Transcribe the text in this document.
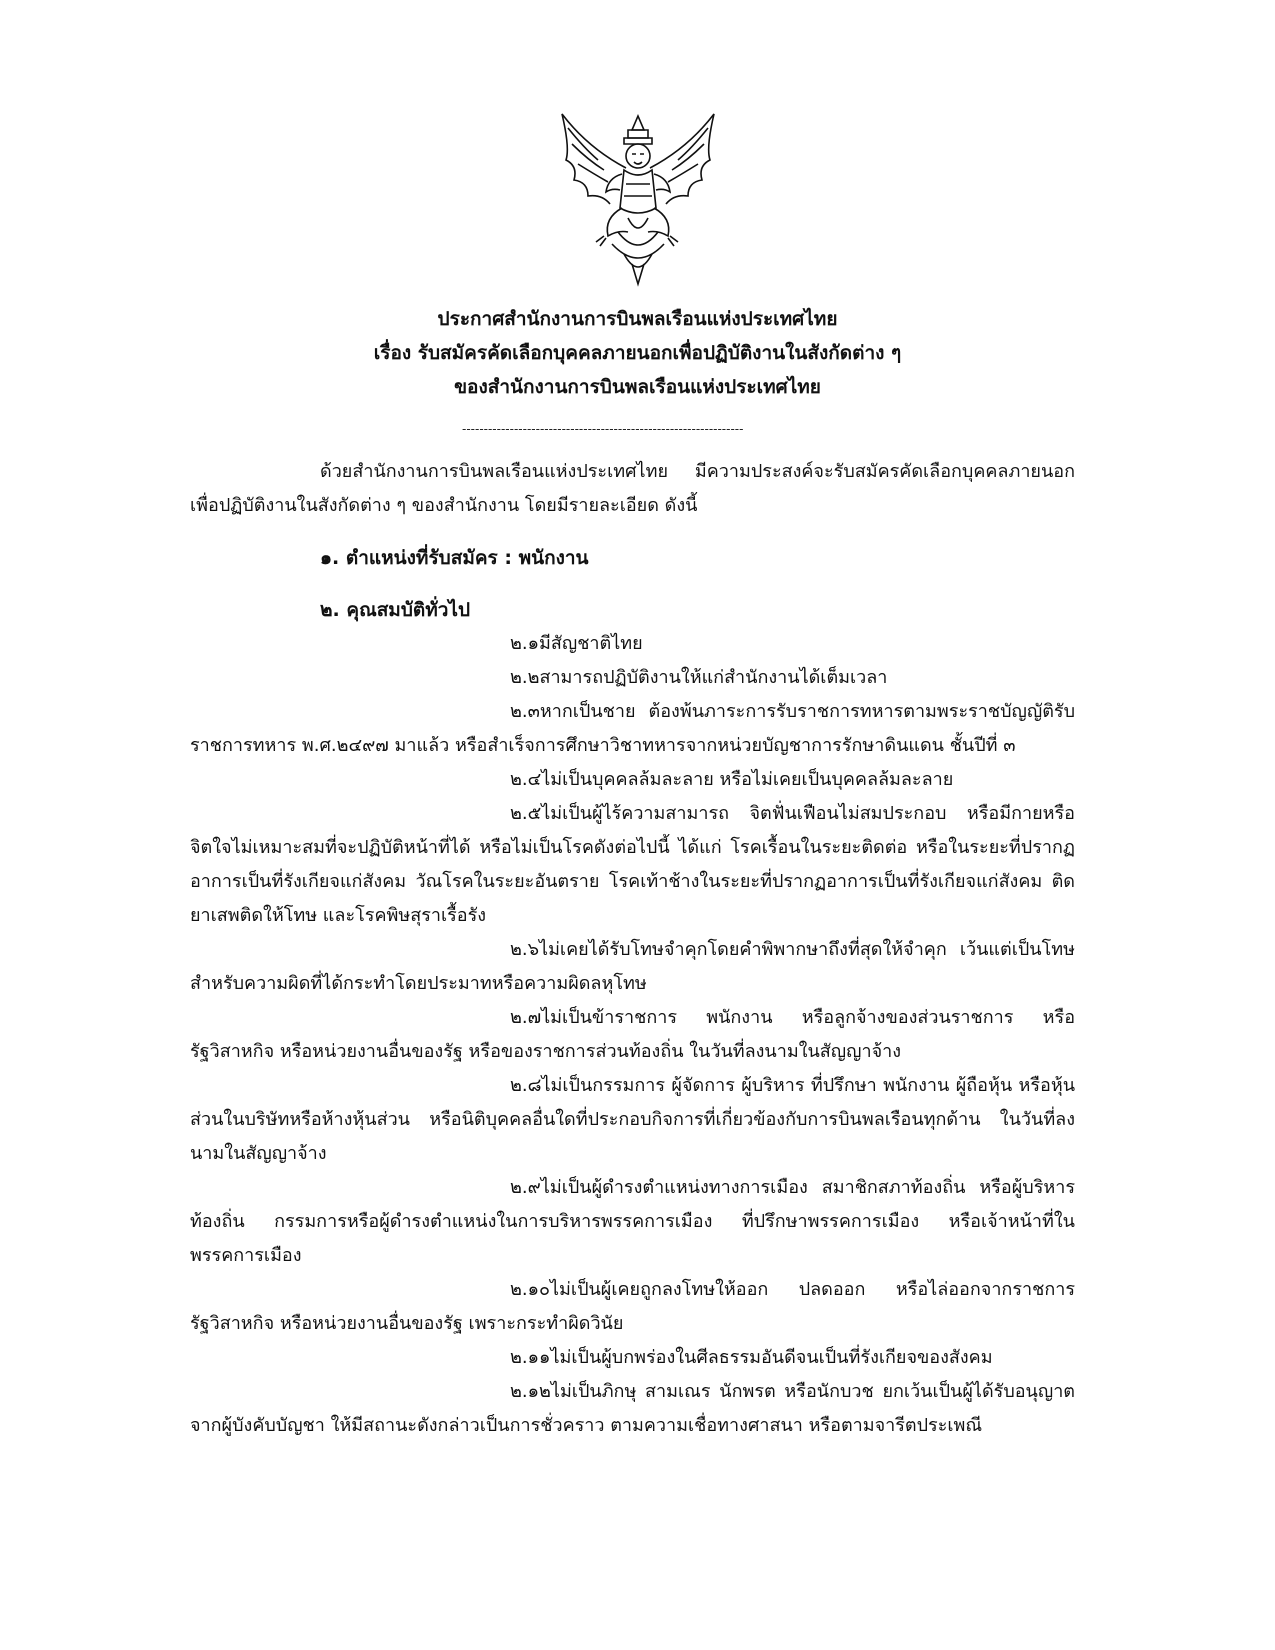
ประกาศสำนักงานการบินพลเรือนแห่งประเทศไทย
เรื่อง รับสมัครคัดเลือกบุคคลภายนอกเพื่อปฏิบัติงานในสังกัดต่าง ๆ
ของสำนักงานการบินพลเรือนแห่งประเทศไทย
-----------------------------------------------------------------

ด้วยสำนักงานการบินพลเรือนแห่งประเทศไทย มีความประสงค์จะรับสมัครคัดเลือกบุคคลภายนอกเพื่อปฏิบัติงานในสังกัดต่าง ๆ ของสำนักงาน โดยมีรายละเอียด ดังนี้

๑. ตำแหน่งที่รับสมัคร : พนักงาน

๒. คุณสมบัติทั่วไป

๒.๑มีสัญชาติไทย

๒.๒สามารถปฏิบัติงานให้แก่สำนักงานได้เต็มเวลา

๒.๓หากเป็นชาย ต้องพ้นภาระการรับราชการทหารตามพระราชบัญญัติรับราชการทหาร พ.ศ.๒๔๙๗ มาแล้ว หรือสำเร็จการศึกษาวิชาทหารจากหน่วยบัญชาการรักษาดินแดน ชั้นปีที่ ๓

๒.๔ไม่เป็นบุคคลล้มละลาย หรือไม่เคยเป็นบุคคลล้มละลาย

๒.๕ไม่เป็นผู้ไร้ความสามารถ จิตฟั่นเฟือนไม่สมประกอบ หรือมีกายหรือจิตใจไม่เหมาะสมที่จะปฏิบัติหน้าที่ได้ หรือไม่เป็นโรคดังต่อไปนี้ ได้แก่ โรคเรื้อนในระยะติดต่อ หรือในระยะที่ปรากฏอาการเป็นที่รังเกียจแก่สังคม วัณโรคในระยะอันตราย โรคเท้าช้างในระยะที่ปรากฏอาการเป็นที่รังเกียจแก่สังคม ติดยาเสพติดให้โทษ และโรคพิษสุราเรื้อรัง

๒.๖ไม่เคยได้รับโทษจำคุกโดยคำพิพากษาถึงที่สุดให้จำคุก เว้นแต่เป็นโทษสำหรับความผิดที่ได้กระทำโดยประมาทหรือความผิดลหุโทษ

๒.๗ไม่เป็นข้าราชการ พนักงาน หรือลูกจ้างของส่วนราชการ หรือรัฐวิสาหกิจ หรือหน่วยงานอื่นของรัฐ หรือของราชการส่วนท้องถิ่น ในวันที่ลงนามในสัญญาจ้าง

๒.๘ไม่เป็นกรรมการ ผู้จัดการ ผู้บริหาร ที่ปรึกษา พนักงาน ผู้ถือหุ้น หรือหุ้นส่วนในบริษัทหรือห้างหุ้นส่วน หรือนิติบุคคลอื่นใดที่ประกอบกิจการที่เกี่ยวข้องกับการบินพลเรือนทุกด้าน ในวันที่ลงนามในสัญญาจ้าง

๒.๙ไม่เป็นผู้ดำรงตำแหน่งทางการเมือง สมาชิกสภาท้องถิ่น หรือผู้บริหารท้องถิ่น กรรมการหรือผู้ดำรงตำแหน่งในการบริหารพรรคการเมือง ที่ปรึกษาพรรคการเมือง หรือเจ้าหน้าที่ในพรรคการเมือง

๒.๑๐ไม่เป็นผู้เคยถูกลงโทษให้ออก ปลดออก หรือไล่ออกจากราชการ รัฐวิสาหกิจ หรือหน่วยงานอื่นของรัฐ เพราะกระทำผิดวินัย

๒.๑๑ไม่เป็นผู้บกพร่องในศีลธรรมอันดีจนเป็นที่รังเกียจของสังคม

๒.๑๒ไม่เป็นภิกษุ สามเณร นักพรต หรือนักบวช ยกเว้นเป็นผู้ได้รับอนุญาตจากผู้บังคับบัญชา ให้มีสถานะดังกล่าวเป็นการชั่วคราว ตามความเชื่อทางศาสนา หรือตามจารีตประเพณี
